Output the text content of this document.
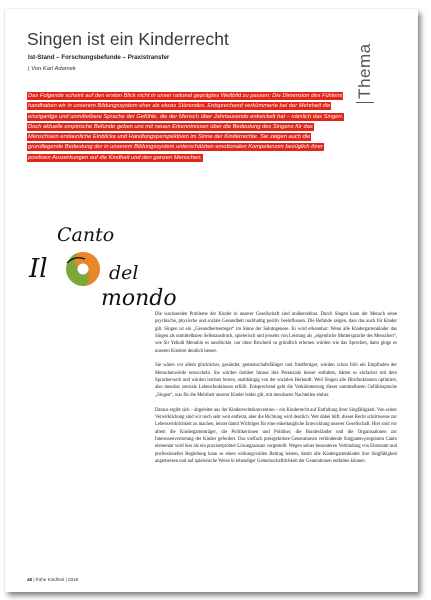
Singen ist ein Kinderrecht
Ist-Stand – Forschungsbefunde – Praxistransfer
| Von Karl Adamek	Thema
Das Folgende scheint auf den ersten Blick nicht in unser rational geprägtes Weltbild zu passen: Die Dimension des Fühlens handhaben wir in unserem Bildungssystem eher als etwas Störendes. Entsprechend verkümmerte bei der Mehrheit die einzigartige und unmittelbare Sprache der Gefühle, die der Mensch über Jahrtausende entwickelt hat – nämlich das Singen. Doch aktuelle empirische Befunde geben uns mit neuen Erkenntnissen über die Bedeutung des Singens für das Menschsein erstaunliche Einblicke und Handlungsperspektiven im Sinne der Kinderrechte. Sie zeigen auch die grundlegende Bedeutung der in unserem Bildungssystem unterschätzten emotionalen Kompetenzen bezüglich ihrer positiven Auswirkungen auf die Kindheit und den ganzen Menschen.
Il
Canto
del
mondo

Die wachsenden Probleme der Kinder in unserer Gesellschaft sind unübersehbar. Durch Singen kann der Mensch seine psychische, physische und soziale Gesundheit nachhaltig positiv beeinflussen. Die Befunde zeigen, dass das auch für Kinder gilt. Singen ist ein „Gesundheitserreger“ im Sinne der Salutogenese. Es wird erkennbar: Wenn alle Kindergartenkinder das Singen als unmittelbaren Selbstausdruck, spielerisch und jenseits von Leistung als „eigentliche Muttersprache des Menschen“, wie Sir Yehudi Menuhin es ausdrückte, nur ohne Bruchteil so gründlich erlernen würden wie das Sprechen, dann ginge es unseren Kindern deutlich besser.

Sie wären vor allem glücklicher, gesünder, gemeinschaftsfähiger und friedfertiger, würden schon früh ein Empfinden der Menschenwürde entwickeln. Sie würden darüber hinaus ihre Potenziale besser entfalten, hätten es einfacher mit dem Spracherwerb und würden leichter lernen, unabhängig von der sozialen Herkunft. Weil Singen alle Hirnfunktionen optimiert, also messbar zentrale Lebensfunktionen erfüllt. Entsprechend geht die Verkümmerung dieser unmittelbaren Gefühlssprache „Singen“, was für die Mehrheit unserer Kinder leider gilt, mit messbaren Nachteilen einher.

Daraus ergibt sich – abgeleitet aus der Kinderrechtskonvention – ein Kinderrecht auf Entfaltung ihrer Singfähigkeit. Von seiner Verwirklichung sind wir noch sehr weit entfernt, aber die Richtung wird deutlich. Wer dabei hilft, dieses Recht schrittweise zur Lebenswirklichkeit zu machen, leistet damit Wichtiges für eine enkeltaugliche Entwicklung unserer Gesellschaft. Hier sind vor allem die Kindergartenträger, die Politikerinnen und Politiker, die Bundesländer und die Organisationen zur Interessenvertretung der Kinder gefordert. Das vielfach preisgekrönte Generationen verbindende Singpaten-programm Canto elementar wird hier als ein praxiserprobter Lösungsansatz vorgestellt. Wegen seiner besonderen Verbindung von Ehrenamt und professioneller Begleitung kann es einen wirkungsvollen Beitrag leisten, damit alle Kindergartenkinder ihre Singfähigkeit angemessen und auf spielerische Weise in lebendiger Gemeinschaftlichkeit der Generationen entfalten können.

48 | frühe Kindheit | 0318
